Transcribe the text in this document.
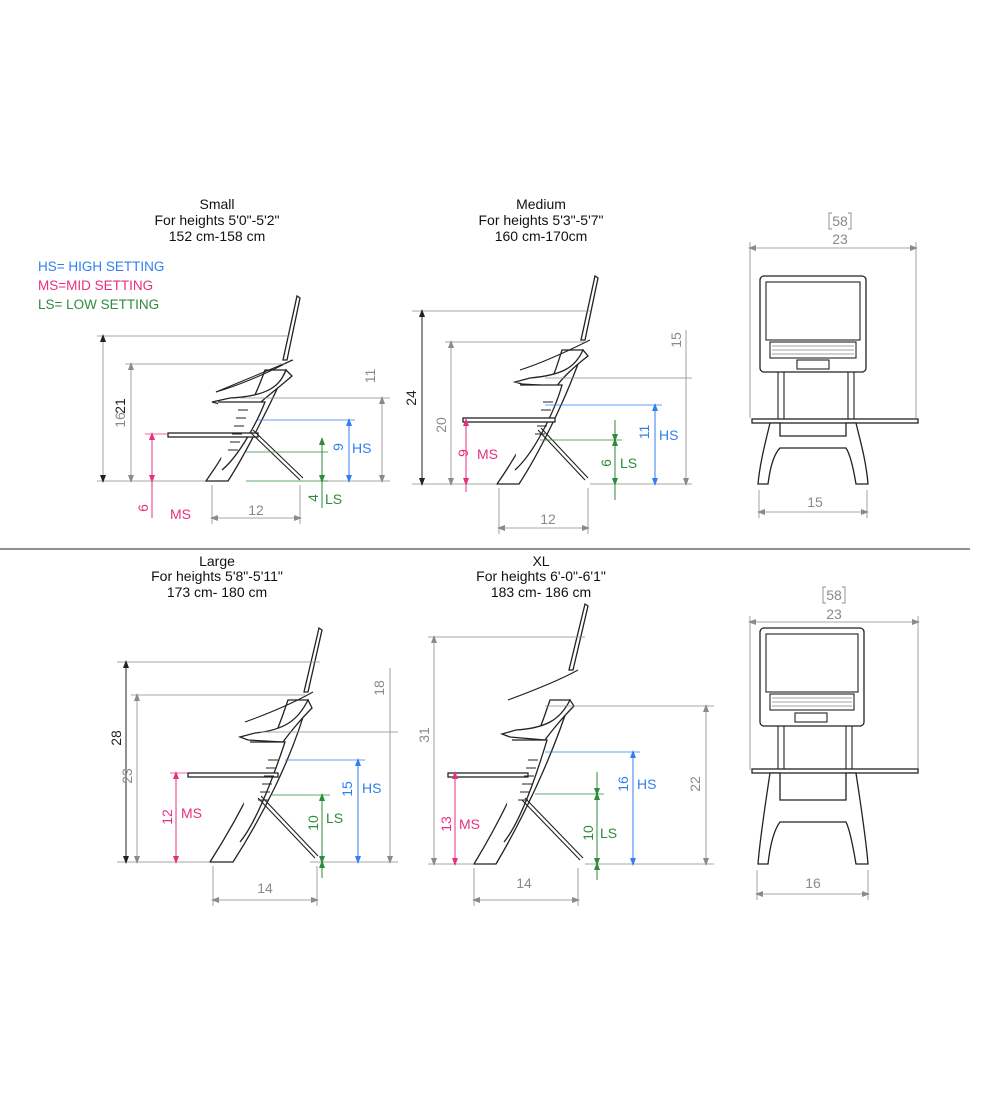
HS= HIGH SETTING
MS=MID SETTING
LS= LOW SETTING
Small
For heights 5'0"-5'2"
152 cm-158 cm
21
16
11
9 HS
4 LS
6 MS	12
Medium
For heights 5'3"-5'7"
160 cm-170cm
24
20
15
11 HS
6 LS
9 MS
12
58
23
15
Large
For heights 5'8"-5'11"
173 cm- 180 cm
28
23
18
15 HS
10 LS
12 MS
14
XL
For heights 6'-0"-6'1"
183 cm- 186 cm
31
22
16 HS
10 LS
13 MS
14
58
23
16
